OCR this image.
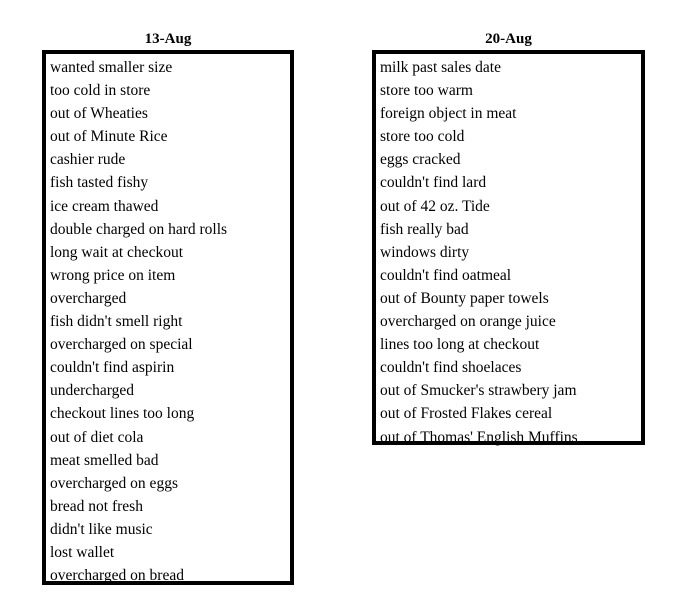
13-Aug
wanted smaller size
too cold in store
out of Wheaties
out of Minute Rice
cashier rude
fish tasted fishy
ice cream thawed
double charged on hard rolls
long wait at checkout
wrong price on item
overcharged
fish didn't smell right
overcharged on special
couldn't find aspirin
undercharged
checkout lines too long
out of diet cola
meat smelled bad
overcharged on eggs
bread not fresh
didn't like music
lost wallet
overcharged on bread
20-Aug
milk past sales date
store too warm
foreign object in meat
store too cold
eggs cracked
couldn't find lard
out of 42 oz. Tide
fish really bad
windows dirty
couldn't find oatmeal
out of Bounty paper towels
overcharged on orange juice
lines too long at checkout
couldn't find shoelaces
out of Smucker's strawbery jam
out of Frosted Flakes cereal
out of Thomas' English Muffins
